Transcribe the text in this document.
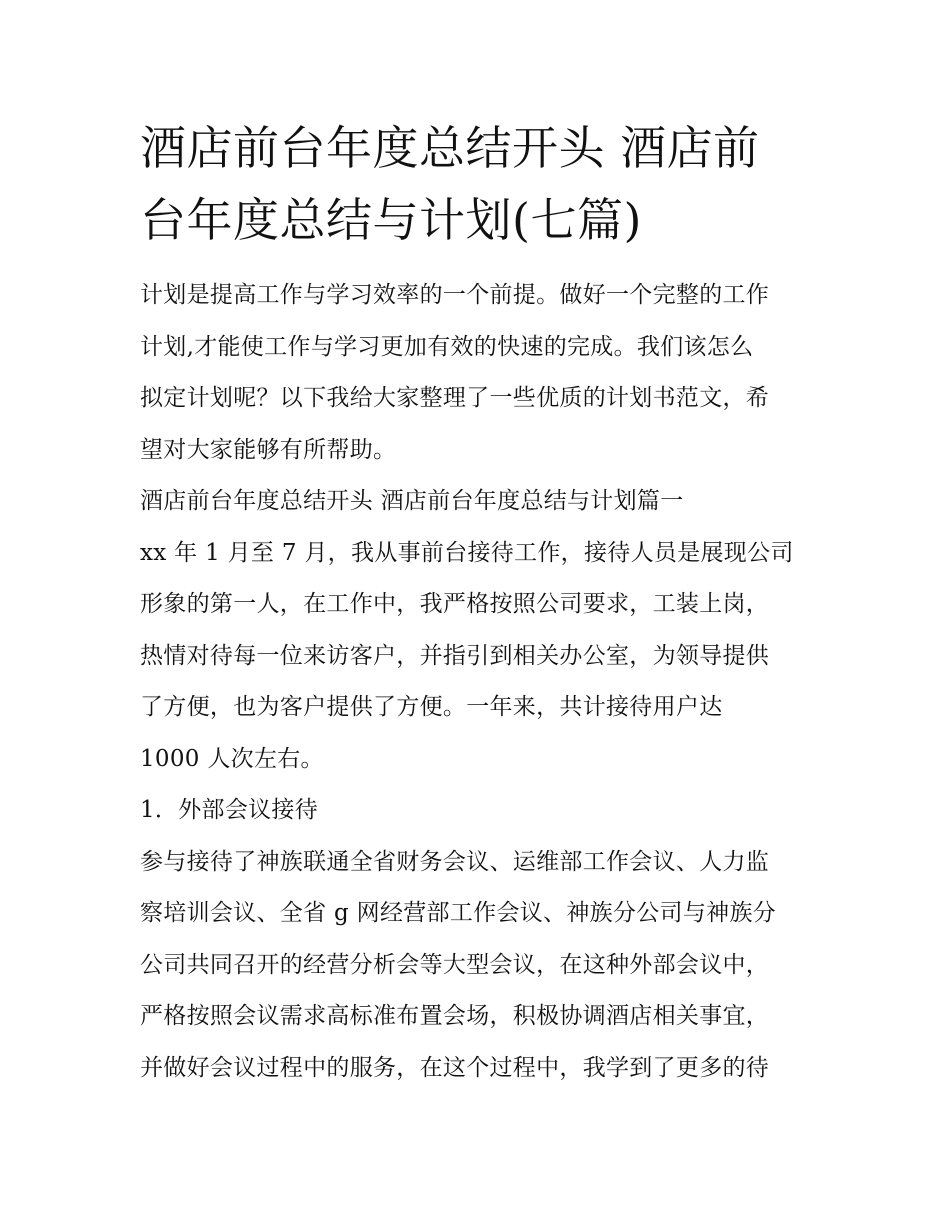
酒店前台年度总结开头 酒店前
台年度总结与计划(七篇)

计划是提高工作与学习效率的一个前提。做好一个完整的工作

计划,才能使工作与学习更加有效的快速的完成。我们该怎么

拟定计划呢？以下我给大家整理了一些优质的计划书范文，希

望对大家能够有所帮助。

酒店前台年度总结开头 酒店前台年度总结与计划篇一

xx 年 1 月至 7 月，我从事前台接待工作，接待人员是展现公司

形象的第一人，在工作中，我严格按照公司要求，工装上岗，

热情对待每一位来访客户，并指引到相关办公室，为领导提供

了方便，也为客户提供了方便。一年来，共计接待用户达

1000 人次左右。

1．外部会议接待

参与接待了神族联通全省财务会议、运维部工作会议、人力监

察培训会议、全省 g 网经营部工作会议、神族分公司与神族分

公司共同召开的经营分析会等大型会议，在这种外部会议中，

严格按照会议需求高标准布置会场，积极协调酒店相关事宜，

并做好会议过程中的服务，在这个过程中，我学到了更多的待
